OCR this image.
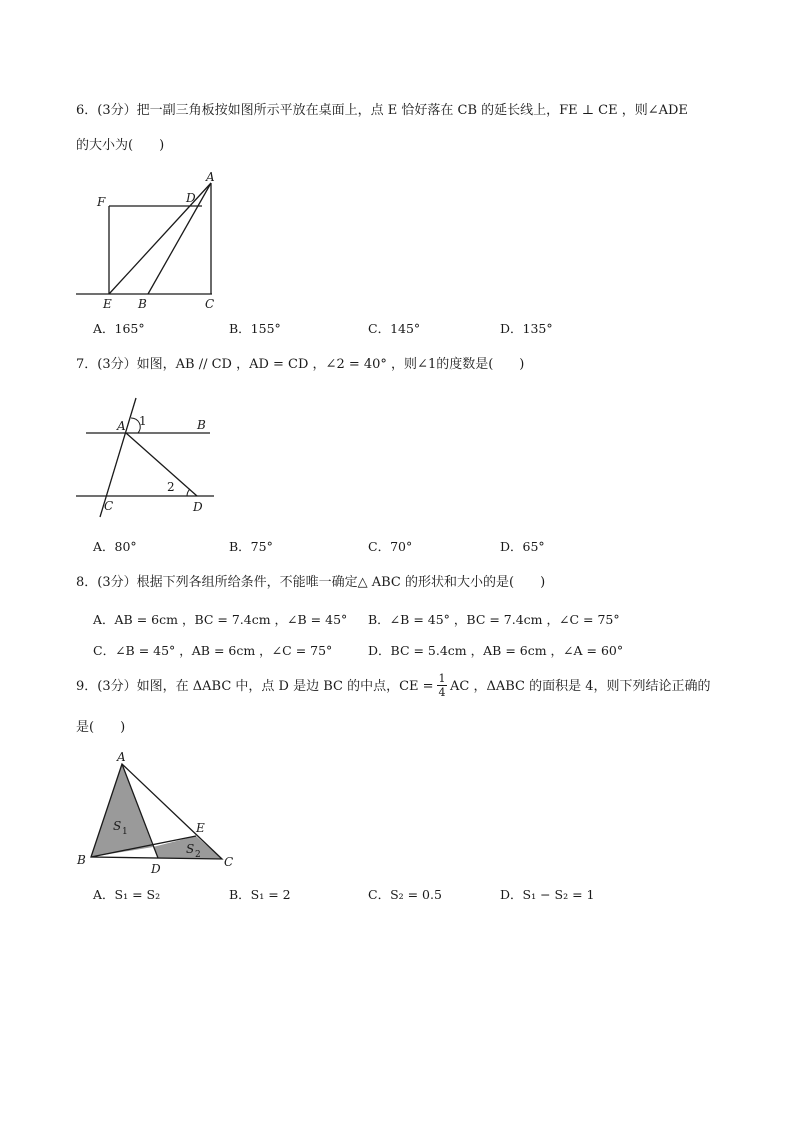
6．(3分）把一副三角板按如图所示平放在桌面上，点 E 恰好落在 CB 的延长线上，FE ⊥ CE ，则∠ADE
的大小为(　　)
A
D
F
E B	C
A．165°	B．155°	C．145°	D．135°
7．(3分）如图，AB // CD ，AD = CD ，∠2 = 40° ，则∠1的度数是(　　)
A	B
1
2
C	D
A．80°	B．75°	C．70°	D．65°
8．(3分）根据下列各组所给条件，不能唯一确定△ ABC 的形状和大小的是(　　)
A．AB = 6cm ，BC = 7.4cm ，∠B = 45° B．∠B = 45° ，BC = 7.4cm ，∠C = 75°
C．∠B = 45° ，AB = 6cm ，∠C = 75°	D．BC = 5.4cm ，AB = 6cm ，∠A = 60°
9．(3分）如图，在 ΔABC 中，点 D 是边 BC 的中点，CE = $\frac{1}{4}$ AC ，ΔABC 的面积是 4，则下列结论正确的
是(　　)
A
B	C
D
E
S 1
S 2
A．S₁ = S₂	B．S₁ = 2	C．S₂ = 0.5	D．S₁ − S₂ = 1
